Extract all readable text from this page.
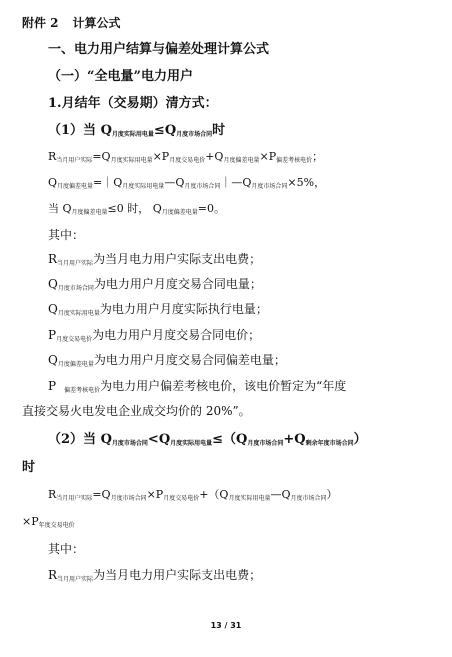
附件 2 计算公式
一、电力用户结算与偏差处理计算公式
（一）“全电量”电力用户
1.月结年（交易期）清方式：
（1）当 Q月度实际用电量≤Q月度市场合同时
$R_{当月用户实际}=Q_{月度实际用电量}\times P_{月度交易电价}+Q_{月度偏差电量}\times P_{偏差考核电价}$；
$Q_{月度偏差电量}=|Q_{月度实际用电量}—Q_{月度市场合同}|—Q_{月度市场合同}\times 5\%$，
当 $Q_{月度偏差电量}\le 0$ 时， $Q_{月度偏差电量}=0$。
其中：
$R_{当月用户实际}$为当月电力用户实际支出电费；
$Q_{月度市场合同}$为电力用户月度交易合同电量；
$Q_{月度实际用电量}$为电力用户月度实际执行电量；
$P_{月度交易电价}$为电力用户月度交易合同电价；
$Q_{月度偏差电量}$为电力用户月度交易合同偏差电量；
P $_{偏差考核电价}$为电力用户偏差考核电价，该电价暂定为“年度
直接交易火电发电企业成交均价的 20%”。
（2）当 Q月度市场合同<Q月度实际用电量≤（Q月度市场合同+Q剩余年度市场合同）
时
$R_{当月用户实际}=Q_{月度市场合同}\times P_{月度交易电价}+(Q_{月度实际用电量}—Q_{月度市场合同})$
$\times P_{年度交易电价}$
其中：
$R_{当月用户实际}$为当月电力用户实际支出电费；
13 / 31
